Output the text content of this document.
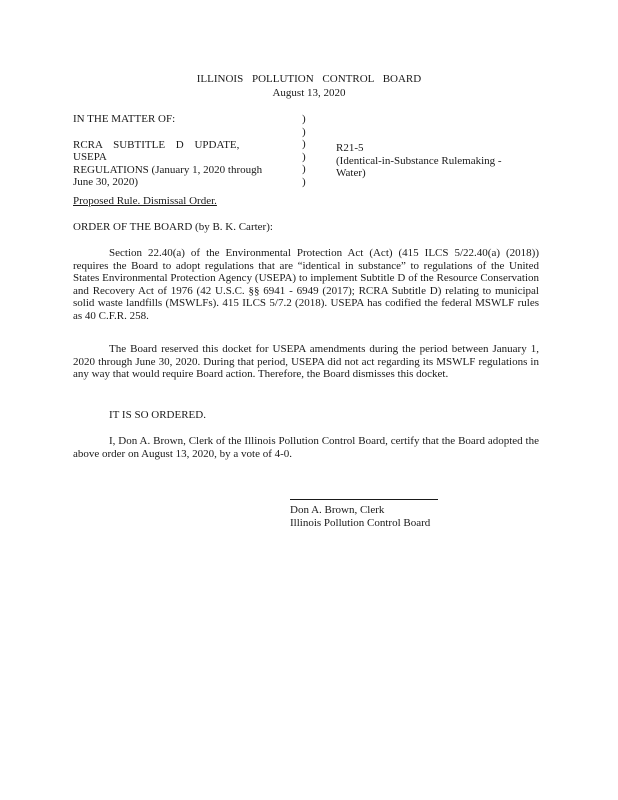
ILLINOIS POLLUTION CONTROL BOARD
August 13, 2020

IN THE MATTER OF:

RCRA SUBTITLE D UPDATE, USEPA

REGULATIONS (January 1, 2020 through

June 30, 2020)

)
)
)
)
)
)

R21-5

(Identical-in-Substance Rulemaking -

Water)

Proposed Rule. Dismissal Order.

ORDER OF THE BOARD (by B. K. Carter):

Section 22.40(a) of the Environmental Protection Act (Act) (415 ILCS 5/22.40(a) (2018)) requires the Board to adopt regulations that are “identical in substance” to regulations of the United States Environmental Protection Agency (USEPA) to implement Subtitle D of the Resource Conservation and Recovery Act of 1976 (42 U.S.C. §§ 6941 - 6949 (2017); RCRA Subtitle D) relating to municipal solid waste landfills (MSWLFs). 415 ILCS 5/7.2 (2018). USEPA has codified the federal MSWLF rules as 40 C.F.R. 258.

The Board reserved this docket for USEPA amendments during the period between January 1, 2020 through June 30, 2020. During that period, USEPA did not act regarding its MSWLF regulations in any way that would require Board action. Therefore, the Board dismisses this docket.

IT IS SO ORDERED.

I, Don A. Brown, Clerk of the Illinois Pollution Control Board, certify that the Board adopted the above order on August 13, 2020, by a vote of 4-0.

Don A. Brown, Clerk
Illinois Pollution Control Board
